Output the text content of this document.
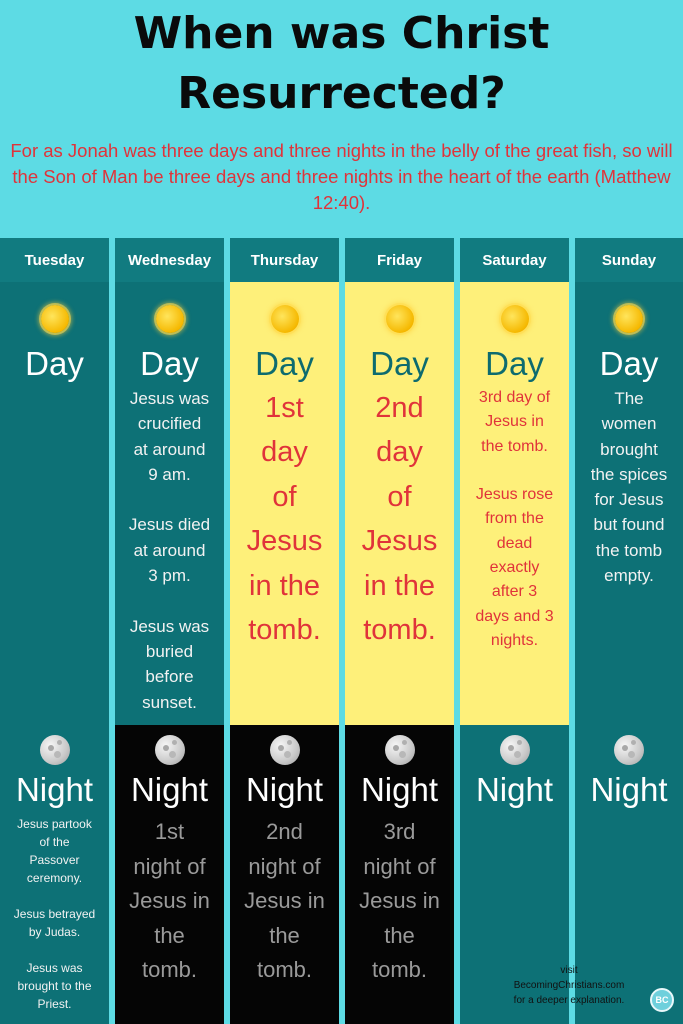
When was Christ Resurrected?
For as Jonah was three days and three nights in the belly of the great fish, so will the Son of Man be three days and three nights in the heart of the earth (Matthew 12:40).
Tuesday
Day
Night
Jesus partook
of the
Passover
ceremony.

Jesus betrayed
by Judas.

Jesus was
brought to the
Priest.
Wednesday
Day
Jesus was
crucified
at around
9 am.

Jesus died
at around
3 pm.

Jesus was
buried
before
sunset.
Night
1st
night of
Jesus in
the
tomb.
Thursday
Day
1st
day
of
Jesus
in the
tomb.
Night
2nd
night of
Jesus in
the
tomb.
Friday
Day
2nd
day
of
Jesus
in the
tomb.
Night
3rd
night of
Jesus in
the
tomb.
Saturday
Day
3rd day of
Jesus in
the tomb.

Jesus rose
from the
dead
exactly
after 3
days and 3
nights.
Night
Sunday
Day
The
women
brought
the spices
for Jesus
but found
the tomb
empty.
Night
visit
BecomingChristians.com
for a deeper explanation.	BC
